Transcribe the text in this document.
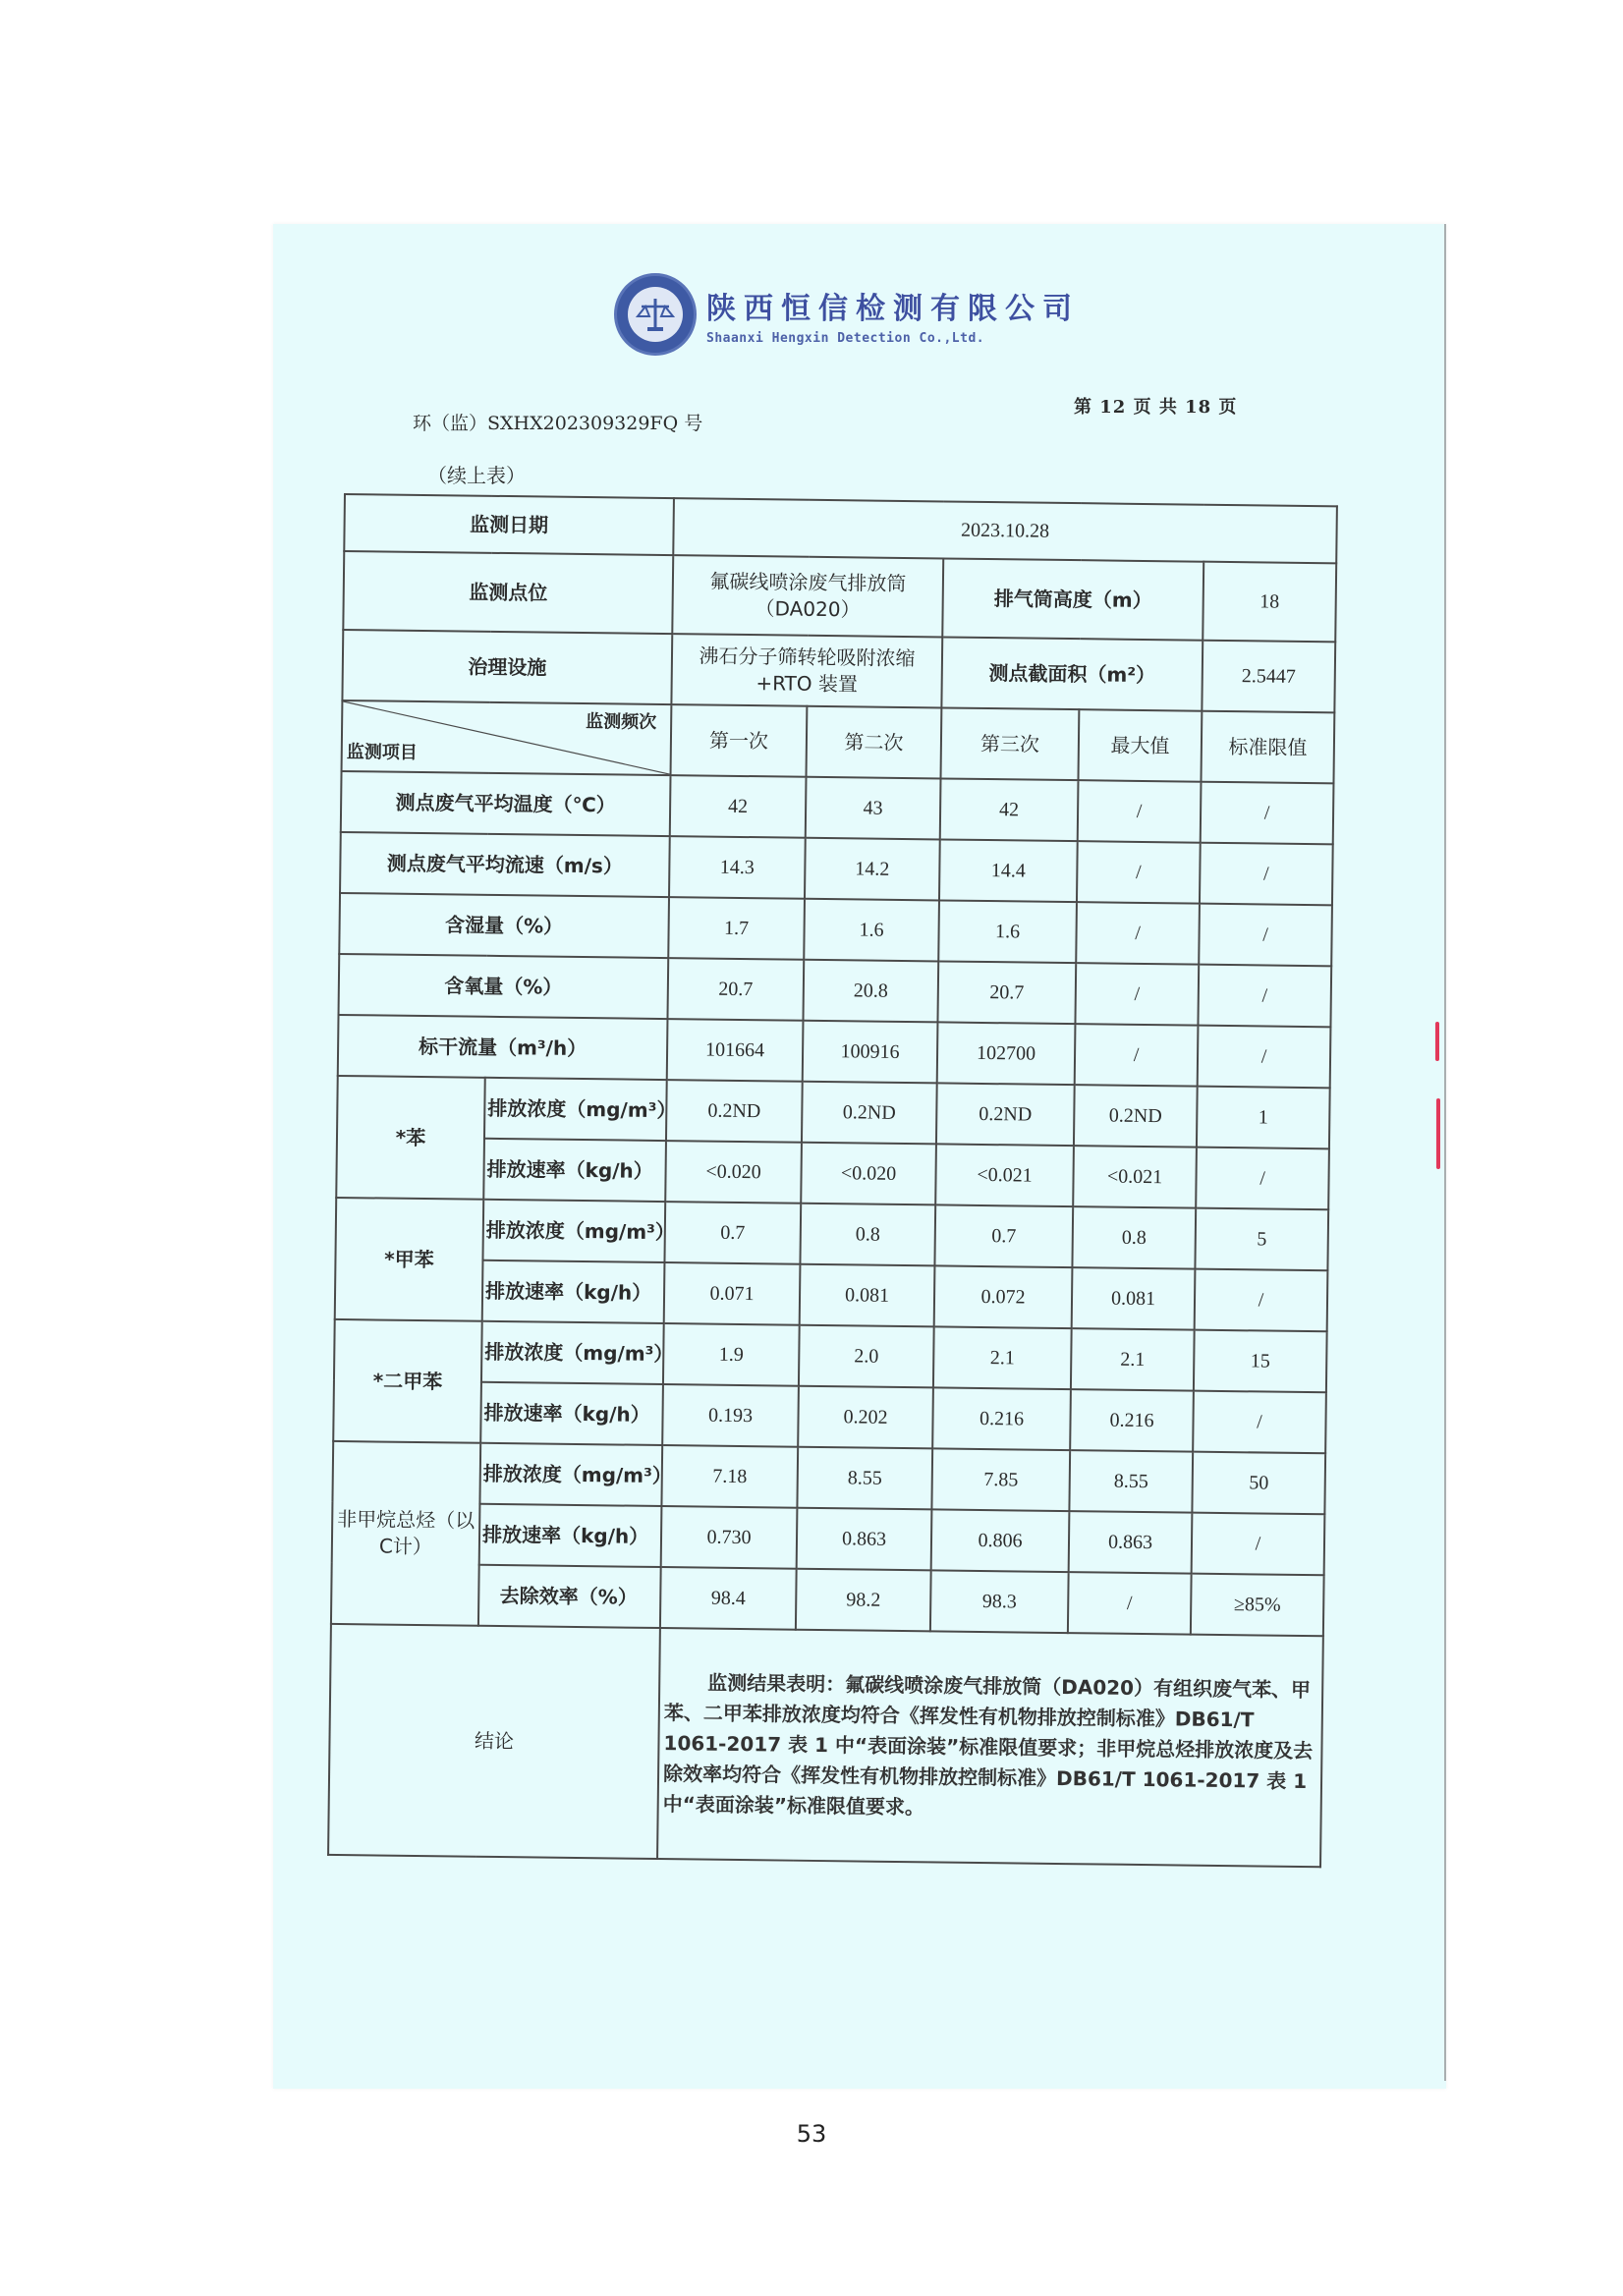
陕西恒信检测有限公司
Shaanxi Hengxin Detection Co.,Ltd.
环（监）SXHX202309329FQ 号
第 12 页 共 18 页
（续上表）
监测日期		2023.10.28				
监测点位		氟碳线喷涂废气排放筒（DA020）		排气筒高度（m）		18
治理设施		沸石分子筛转轮吸附浓缩+RTO 装置		测点截面积（m²）		2.5447

监测频次
监测项目		第一次	第二次	第三次	最大值	标准限值
测点废气平均温度（℃）		42	43	42	/	/
测点废气平均流速（m/s）		14.3	14.2	14.4	/	/
含湿量（%）		1.7	1.6	1.6	/	/
含氧量（%）		20.7	20.8	20.7	/	/
标干流量（m³/h）		101664	100916	102700	/	/
*苯	排放浓度（mg/m³）	0.2ND	0.2ND	0.2ND	0.2ND	1
	排放速率（kg/h）	<0.020	<0.020	<0.021	<0.021	/
*甲苯	排放浓度（mg/m³）	0.7	0.8	0.7	0.8	5
	排放速率（kg/h）	0.071	0.081	0.072	0.081	/
*二甲苯	排放浓度（mg/m³）	1.9	2.0	2.1	2.1	15
	排放速率（kg/h）	0.193	0.202	0.216	0.216	/
非甲烷总烃（以C计）	排放浓度（mg/m³）	7.18	8.55	7.85	8.55	50
	排放速率（kg/h）	0.730	0.863	0.806	0.863	/
	去除效率（%）	98.4	98.2	98.3	/	≥85%
结论		监测结果表明：氟碳线喷涂废气排放筒（DA020）有组织废气苯、甲苯、二甲苯排放浓度均符合《挥发性有机物排放控制标准》DB61/T 1061-2017 表 1 中“表面涂装”标准限值要求；非甲烷总烃排放浓度及去除效率均符合《挥发性有机物排放控制标准》DB61/T 1061-2017 表 1 中“表面涂装”标准限值要求。				
53
